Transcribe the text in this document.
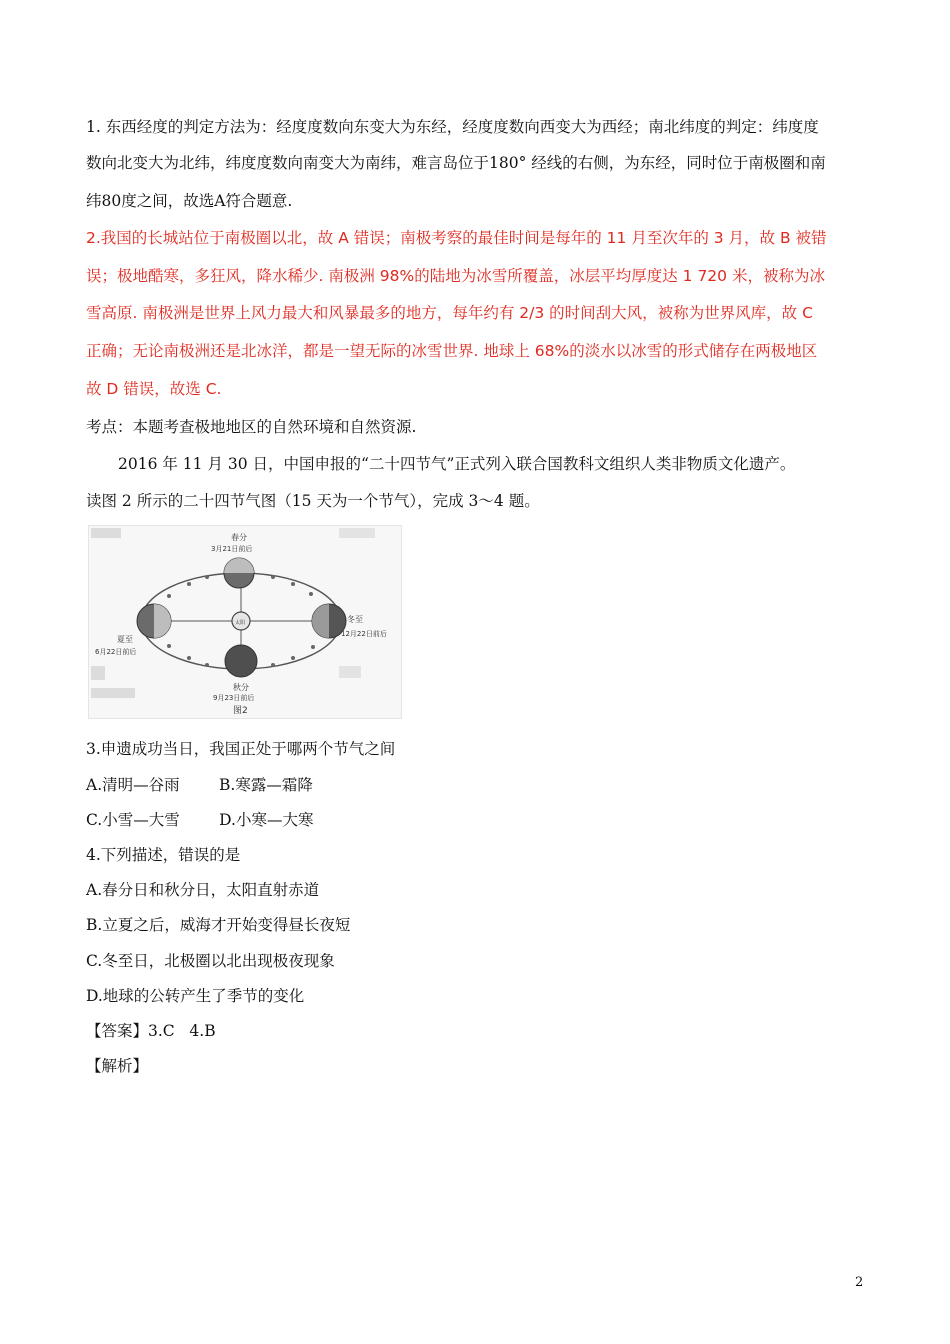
1. 东西经度的判定方法为：经度度数向东变大为东经，经度度数向西变大为西经；南北纬度的判定：纬度度
数向北变大为北纬，纬度度数向南变大为南纬，难言岛位于180° 经线的右侧，为东经，同时位于南极圈和南
纬80度之间，故选A符合题意.
2.我国的长城站位于南极圈以北，故 A 错误；南极考察的最佳时间是每年的 11 月至次年的 3 月，故 B 被错
误；极地酷寒，多狂风，降水稀少. 南极洲 98%的陆地为冰雪所覆盖，冰层平均厚度达 1 720 米，被称为冰
雪高原. 南极洲是世界上风力最大和风暴最多的地方，每年约有 2/3 的时间刮大风，被称为世界风库，故 C
正确；无论南极洲还是北冰洋，都是一望无际的冰雪世界. 地球上 68%的淡水以冰雪的形式储存在两极地区
故 D 错误，故选 C.
考点：本题考查极地地区的自然环境和自然资源.
2016 年 11 月 30 日，中国申报的“二十四节气”正式列入联合国教科文组织人类非物质文化遗产。
读图 2 所示的二十四节气图（15 天为一个节气），完成 3～4 题。
春分
3月21日前后
夏至
6月22日前后
冬至
12月22日前后
秋分
9月23日前后
太阳
图2
3.申遗成功当日，我国正处于哪两个节气之间
A.清明—谷雨        B.寒露—霜降
C.小雪—大雪        D.小寒—大寒
4.下列描述，错误的是
A.春分日和秋分日，太阳直射赤道
B.立夏之后，威海才开始变得昼长夜短
C.冬至日，北极圈以北出现极夜现象
D.地球的公转产生了季节的变化
【答案】3.C   4.B
【解析】
2
